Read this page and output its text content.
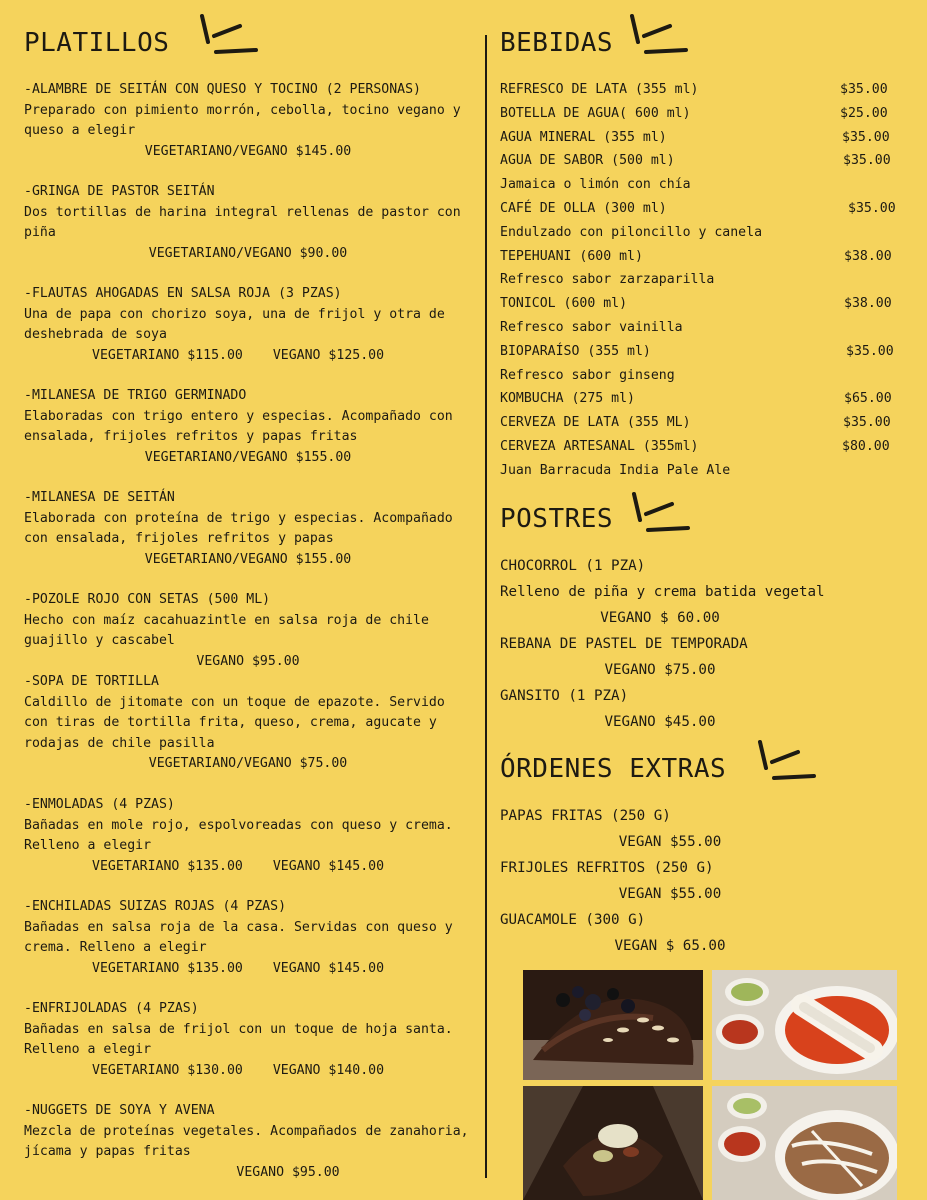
PLATILLOS
-ALAMBRE DE SEITÁN CON QUESO Y TOCINO (2 PERSONAS)
Preparado con pimiento morrón, cebolla, tocino vegano y queso a elegir
VEGETARIANO/VEGANO $145.00
-GRINGA DE PASTOR SEITÁN
Dos tortillas de harina integral rellenas de pastor con piña
VEGETARIANO/VEGANO $90.00
-FLAUTAS AHOGADAS EN SALSA ROJA (3 PZAS)
Una de papa con chorizo soya, una de frijol y otra de deshebrada de soya
VEGETARIANO $115.00 VEGANO $125.00
-MILANESA DE TRIGO GERMINADO
Elaboradas con trigo entero y especias. Acompañado con ensalada, frijoles refritos y papas fritas
VEGETARIANO/VEGANO $155.00
-MILANESA DE SEITÁN
Elaborada con proteína de trigo y especias. Acompañado con ensalada, frijoles refritos y papas
VEGETARIANO/VEGANO $155.00
-POZOLE ROJO CON SETAS (500 ML)
Hecho con maíz cacahuazintle en salsa roja de chile guajillo y cascabel
VEGANO $95.00
-SOPA DE TORTILLA
Caldillo de jitomate con un toque de epazote. Servido con tiras de tortilla frita, queso, crema, agucate y rodajas de chile pasilla
VEGETARIANO/VEGANO $75.00
-ENMOLADAS (4 PZAS)
Bañadas en mole rojo, espolvoreadas con queso y crema. Relleno a elegir
VEGETARIANO $135.00 VEGANO $145.00
-ENCHILADAS SUIZAS ROJAS (4 PZAS)
Bañadas en salsa roja de la casa. Servidas con queso y crema. Relleno a elegir
VEGETARIANO $135.00 VEGANO $145.00
-ENFRIJOLADAS (4 PZAS)
Bañadas en salsa de frijol con un toque de hoja santa. Relleno a elegir
VEGETARIANO $130.00 VEGANO $140.00
-NUGGETS DE SOYA Y AVENA
Mezcla de proteínas vegetales. Acompañados de zanahoria, jícama y papas fritas
VEGANO $95.00
BEBIDAS
REFRESCO DE LATA (355 ml)	$35.00
BOTELLA DE AGUA( 600 ml)	$25.00
AGUA MINERAL (355 ml)	$35.00
AGUA DE SABOR (500 ml)	$35.00
Jamaica o limón con chía
CAFÉ DE OLLA (300 ml)	$35.00
Endulzado con piloncillo y canela
TEPEHUANI (600 ml)	$38.00
Refresco sabor zarzaparilla
TONICOL (600 ml)	$38.00
Refresco sabor vainilla
BIOPARAÍSO (355 ml)	$35.00
Refresco sabor ginseng
KOMBUCHA (275 ml)	$65.00
CERVEZA DE LATA (355 ML)	$35.00
CERVEZA ARTESANAL (355ml)	$80.00
Juan Barracuda India Pale Ale
POSTRES
CHOCORROL (1 PZA)
Relleno de piña y crema batida vegetal
VEGANO $ 60.00
REBANA DE PASTEL DE TEMPORADA
VEGANO $75.00
GANSITO (1 PZA)
VEGANO $45.00
ÓRDENES EXTRAS
PAPAS FRITAS (250 G)
VEGAN $55.00
FRIJOLES REFRITOS (250 G)
VEGAN $55.00
GUACAMOLE (300 G)
VEGAN $ 65.00
